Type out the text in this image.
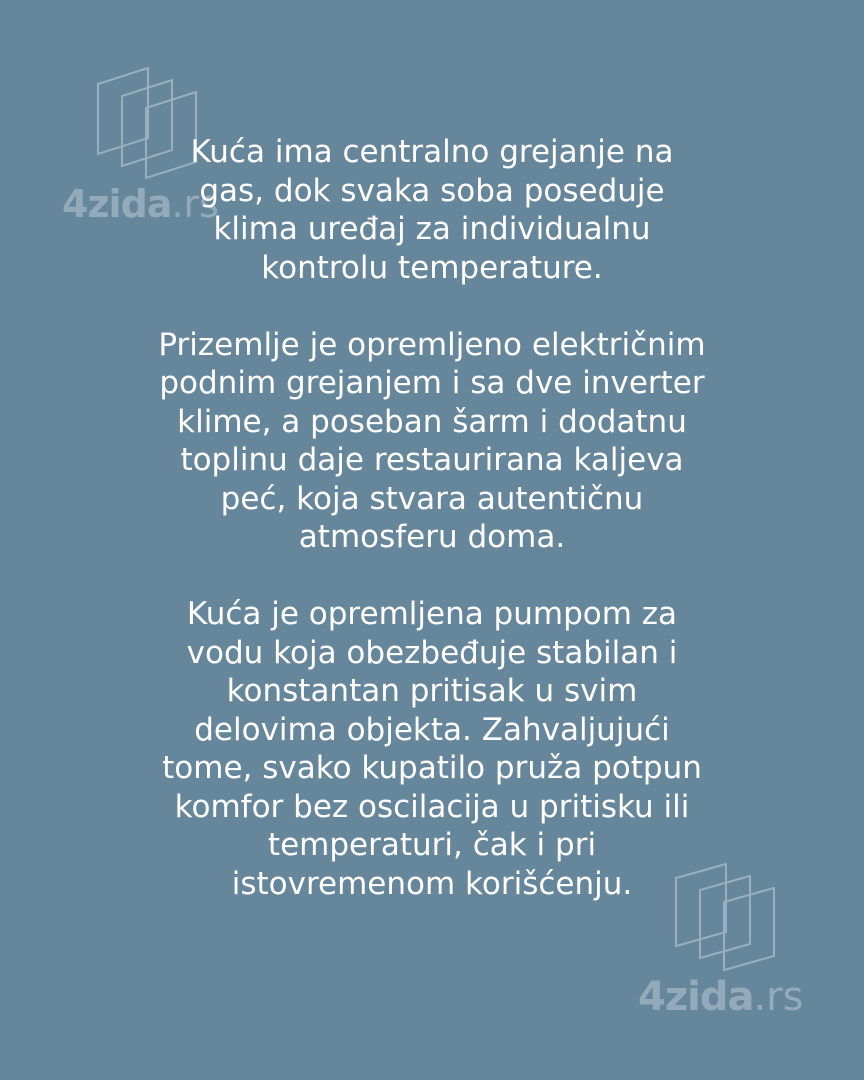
4zida.rs
4zida.rs

Kuća ima centralno grejanje na
gas, dok svaka soba poseduje
klima uređaj za individualnu
kontrolu temperature.

Prizemlje je opremljeno električnim
podnim grejanjem i sa dve inverter
klime, a poseban šarm i dodatnu
toplinu daje restaurirana kaljeva
peć, koja stvara autentičnu
atmosferu doma.

Kuća je opremljena pumpom za
vodu koja obezbeđuje stabilan i
konstantan pritisak u svim
delovima objekta. Zahvaljujući
tome, svako kupatilo pruža potpun
komfor bez oscilacija u pritisku ili
temperaturi, čak i pri
istovremenom korišćenju.
